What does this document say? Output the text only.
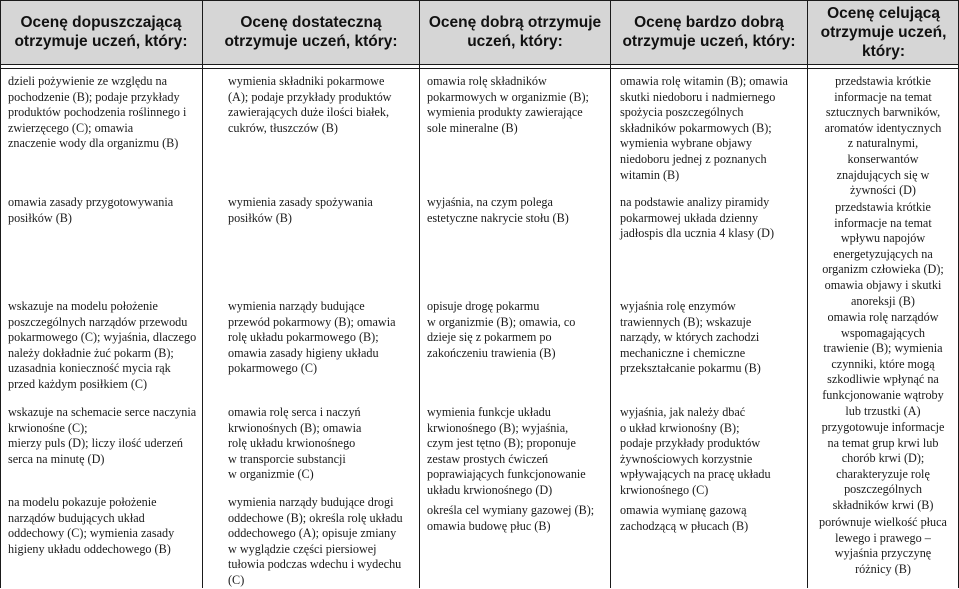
Ocenę dopuszczającą
otrzymuje uczeń, który:
Ocenę dostateczną
otrzymuje uczeń, który:
Ocenę dobrą otrzymuje
uczeń, który:
Ocenę bardzo dobrą
otrzymuje uczeń, który:
Ocenę celującą
otrzymuje uczeń,
który:
dzieli pożywienie ze względu na
pochodzenie (B); podaje przykłady
produktów pochodzenia roślinnego i
zwierzęcego (C); omawia
znaczenie wody dla organizmu (B)
omawia zasady przygotowywania
posiłków (B)
wskazuje na modelu położenie
poszczególnych narządów przewodu
pokarmowego (C); wyjaśnia, dlaczego
należy dokładnie żuć pokarm (B);
uzasadnia konieczność mycia rąk
przed każdym posiłkiem (C)
wskazuje na schemacie serce naczynia
krwionośne (C);
mierzy puls (D); liczy ilość uderzeń
serca na minutę (D)
na modelu pokazuje położenie
narządów budujących układ
oddechowy (C); wymienia zasady
higieny układu oddechowego (B)
wymienia składniki pokarmowe
(A); podaje przykłady produktów
zawierających duże ilości białek,
cukrów, tłuszczów (B)
wymienia zasady spożywania
posiłków (B)
wymienia narządy budujące
przewód pokarmowy (B); omawia
rolę układu pokarmowego (B);
omawia zasady higieny układu
pokarmowego (C)
omawia rolę serca i naczyń
krwionośnych (B); omawia
rolę układu krwionośnego
w transporcie substancji
w organizmie (C)
wymienia narządy budujące drogi
oddechowe (B); określa rolę układu
oddechowego (A); opisuje zmiany
w wyglądzie części piersiowej
tułowia podczas wdechu i wydechu
(C)
omawia rolę składników
pokarmowych w organizmie (B);
wymienia produkty zawierające
sole mineralne (B)
wyjaśnia, na czym polega
estetyczne nakrycie stołu (B)
opisuje drogę pokarmu
w organizmie (B); omawia, co
dzieje się z pokarmem po
zakończeniu trawienia (B)
wymienia funkcje układu
krwionośnego (B); wyjaśnia,
czym jest tętno (B); proponuje
zestaw prostych ćwiczeń
poprawiających funkcjonowanie
układu krwionośnego (D)
określa cel wymiany gazowej (B);
omawia budowę płuc (B)
omawia rolę witamin (B); omawia
skutki niedoboru i nadmiernego
spożycia poszczególnych
składników pokarmowych (B);
wymienia wybrane objawy
niedoboru jednej z poznanych
witamin (B)
na podstawie analizy piramidy
pokarmowej układa dzienny
jadłospis dla ucznia 4 klasy (D)
wyjaśnia rolę enzymów
trawiennych (B); wskazuje
narządy, w których zachodzi
mechaniczne i chemiczne
przekształcanie pokarmu (B)
wyjaśnia, jak należy dbać
o układ krwionośny (B);
podaje przykłady produktów
żywnościowych korzystnie
wpływających na pracę układu
krwionośnego (C)
omawia wymianę gazową
zachodzącą w płucach (B)
przedstawia krótkie
informacje na temat
sztucznych barwników,
aromatów identycznych
z naturalnymi,
konserwantów
znajdujących się w
żywności (D)
przedstawia krótkie
informacje na temat
wpływu napojów
energetyzujących na
organizm człowieka (D);
omawia objawy i skutki
anoreksji (B)
omawia rolę narządów
wspomagających
trawienie (B); wymienia
czynniki, które mogą
szkodliwie wpłynąć na
funkcjonowanie wątroby
lub trzustki (A)
przygotowuje informacje
na temat grup krwi lub
chorób krwi (D);
charakteryzuje rolę
poszczególnych
składników krwi (B)
porównuje wielkość płuca
lewego i prawego –
wyjaśnia przyczynę
różnicy (B)
